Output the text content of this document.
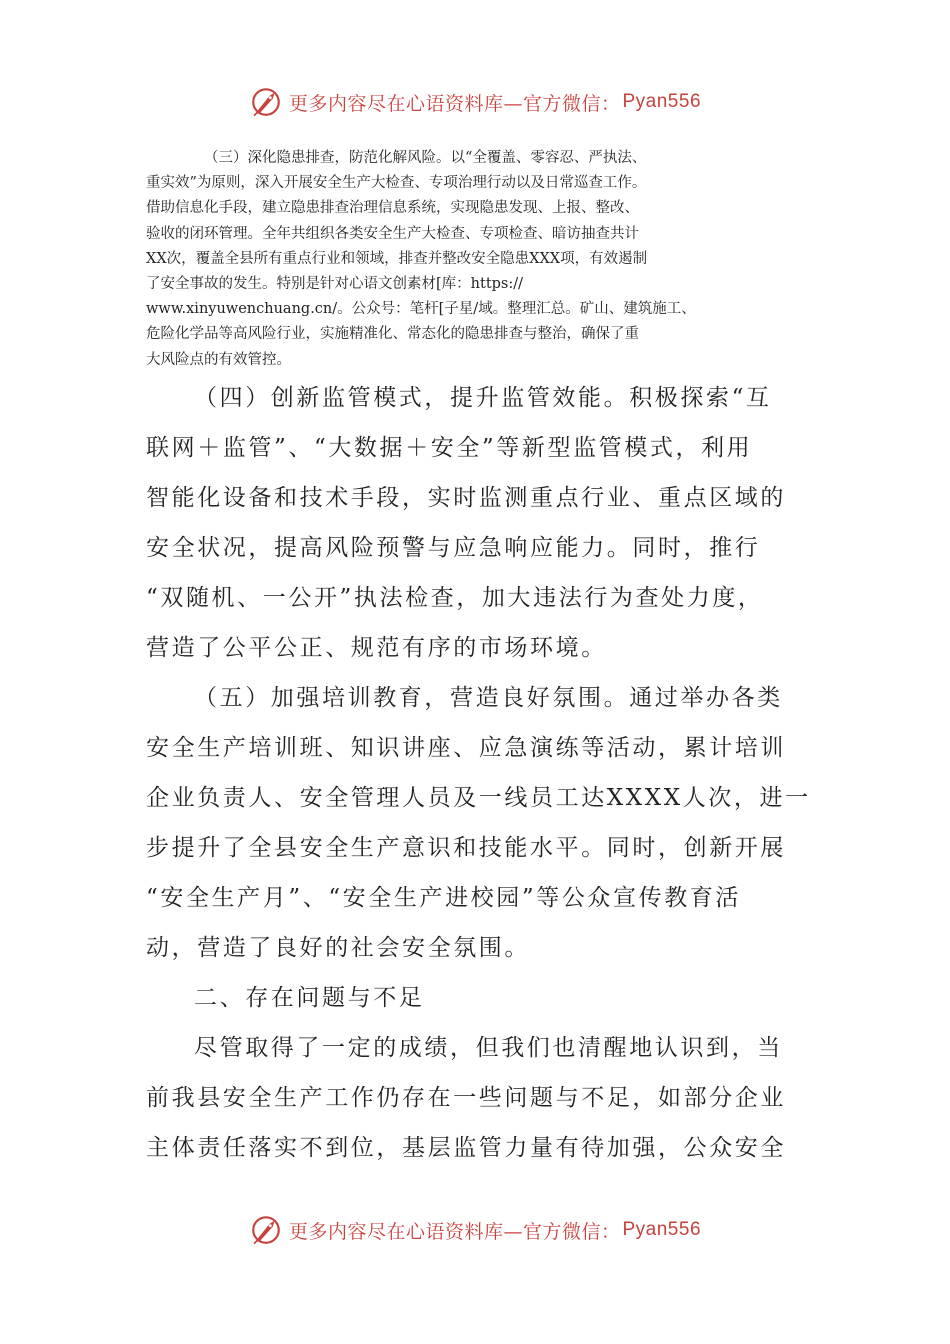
更多内容尽在心语资料库—官方微信： Pyan556

（三）深化隐患排查，防范化解风险。以“全覆盖、零容忍、严执法、

重实效”为原则，深入开展安全生产大检查、专项治理行动以及日常巡查工作。

借助信息化手段，建立隐患排查治理信息系统，实现隐患发现、上报、整改、

验收的闭环管理。全年共组织各类安全生产大检查、专项检查、暗访抽查共计

XX次，覆盖全县所有重点行业和领域，排查并整改安全隐患XXX项，有效遏制

了安全事故的发生。特别是针对心语文创素材[库：https://

www.xinyuwenchuang.cn/。公众号：笔杆[子星/域。整理汇总。矿山、建筑施工、

危险化学品等高风险行业，实施精准化、常态化的隐患排查与整治，确保了重

大风险点的有效管控。

（四）创新监管模式，提升监管效能。积极探索“互

联网＋监管”、“大数据＋安全”等新型监管模式，利用

智能化设备和技术手段，实时监测重点行业、重点区域的

安全状况，提高风险预警与应急响应能力。同时，推行

“双随机、一公开”执法检查，加大违法行为查处力度，

营造了公平公正、规范有序的市场环境。

（五）加强培训教育，营造良好氛围。通过举办各类

安全生产培训班、知识讲座、应急演练等活动，累计培训

企业负责人、安全管理人员及一线员工达XXXX人次，进一

步提升了全县安全生产意识和技能水平。同时，创新开展

“安全生产月”、“安全生产进校园”等公众宣传教育活

动，营造了良好的社会安全氛围。

二、存在问题与不足

尽管取得了一定的成绩，但我们也清醒地认识到，当

前我县安全生产工作仍存在一些问题与不足，如部分企业

主体责任落实不到位，基层监管力量有待加强，公众安全

更多内容尽在心语资料库—官方微信： Pyan556
